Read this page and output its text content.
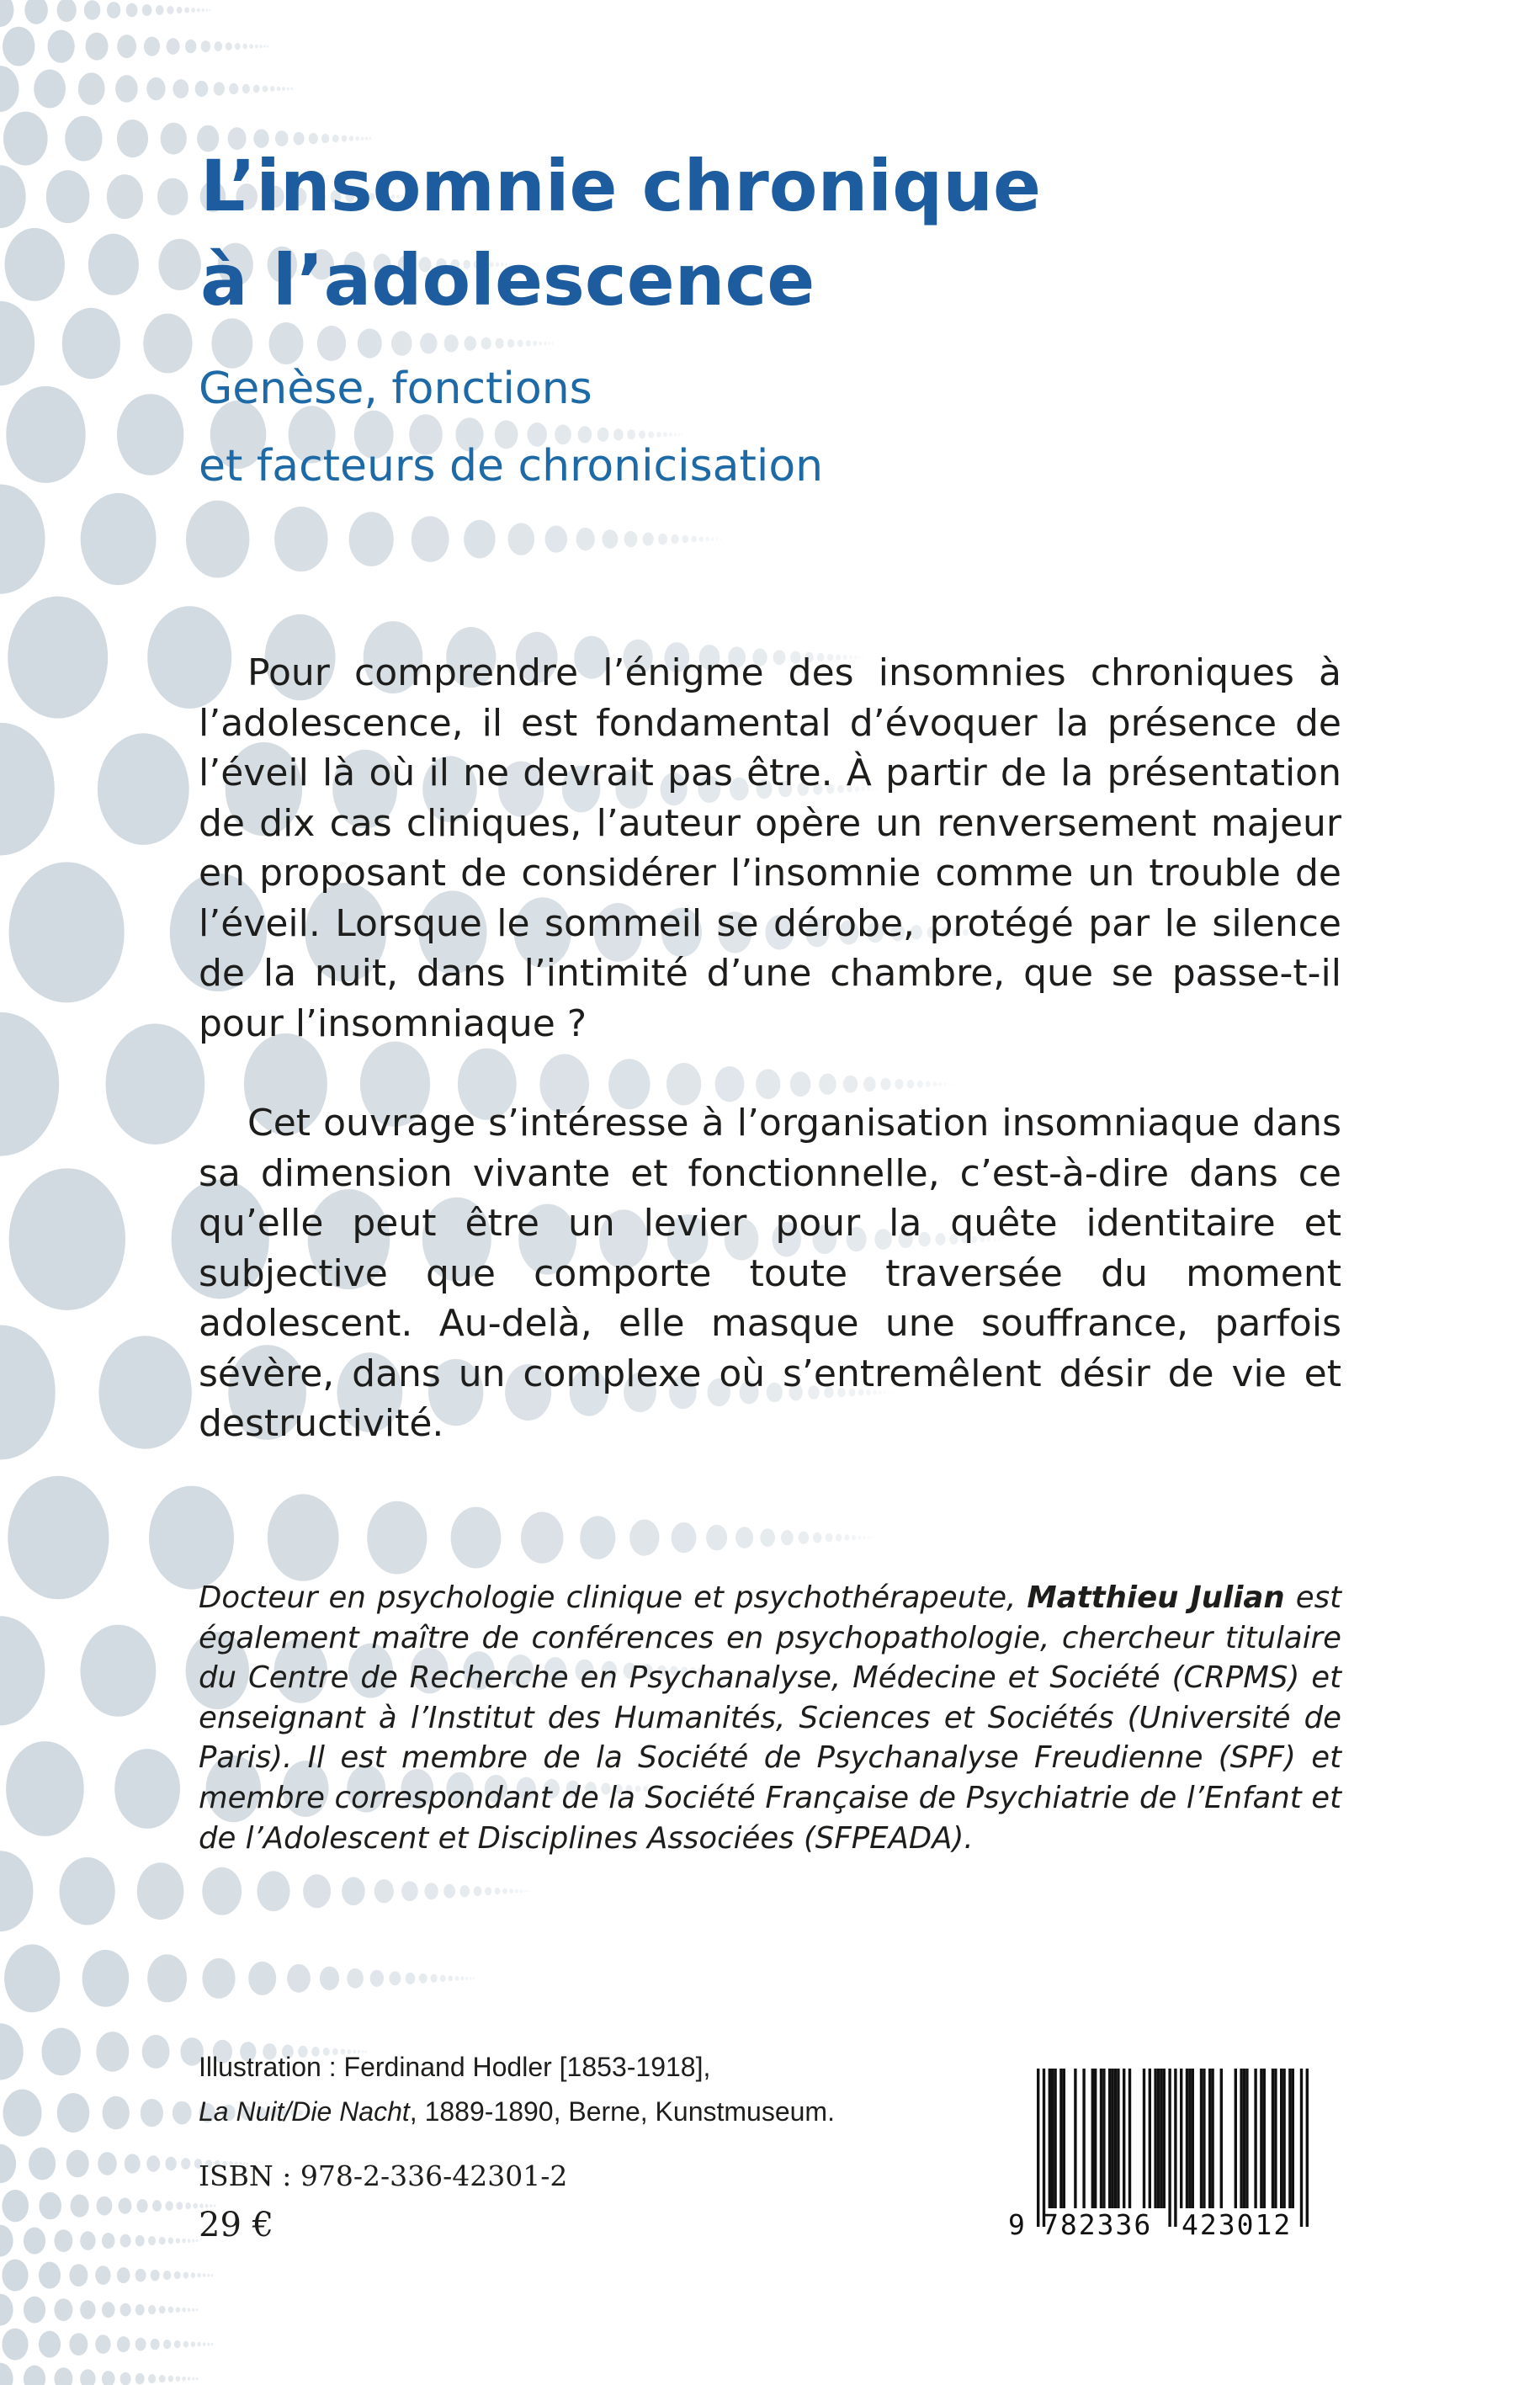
L’insomnie chronique
à l’adolescence
Genèse, fonctions
et facteurs de chronicisation

Pour comprendre l’énigme des insomnies chroniques à l’adolescence, il est fondamental d’évoquer la présence de l’éveil là où il ne devrait pas être. À partir de la présentation de dix cas cliniques, l’auteur opère un renversement majeur en proposant de considérer l’insomnie comme un trouble de l’éveil. Lorsque le sommeil se dérobe, protégé par le silence de la nuit, dans l’intimité d’une chambre, que se passe-t-il pour l’insomniaque ?

Cet ouvrage s’intéresse à l’organisation insomniaque dans sa dimension vivante et fonctionnelle, c’est-à-dire dans ce qu’elle peut être un levier pour la quête identitaire et subjective que comporte toute traversée du moment adolescent. Au-delà, elle masque une souffrance, parfois sévère, dans un complexe où s’entremêlent désir de vie et destructivité.

Docteur en psychologie clinique et psychothérapeute, Matthieu Julian est également maître de conférences en psychopathologie, chercheur titulaire du Centre de Recherche en Psychanalyse, Médecine et Société (CRPMS) et enseignant à l’Institut des Humanités, Sciences et Sociétés (Université de Paris). Il est membre de la Société de Psychanalyse Freudienne (SPF) et membre correspondant de la Société Française de Psychiatrie de l’Enfant et de l’Adolescent et Disciplines Associées (SFPEADA).
Illustration : Ferdinand Hodler [1853-1918],
La Nuit/Die Nacht, 1889-1890, Berne, Kunstmuseum.
ISBN : 978-2-336-42301-2
29 €	9 782336 423012
